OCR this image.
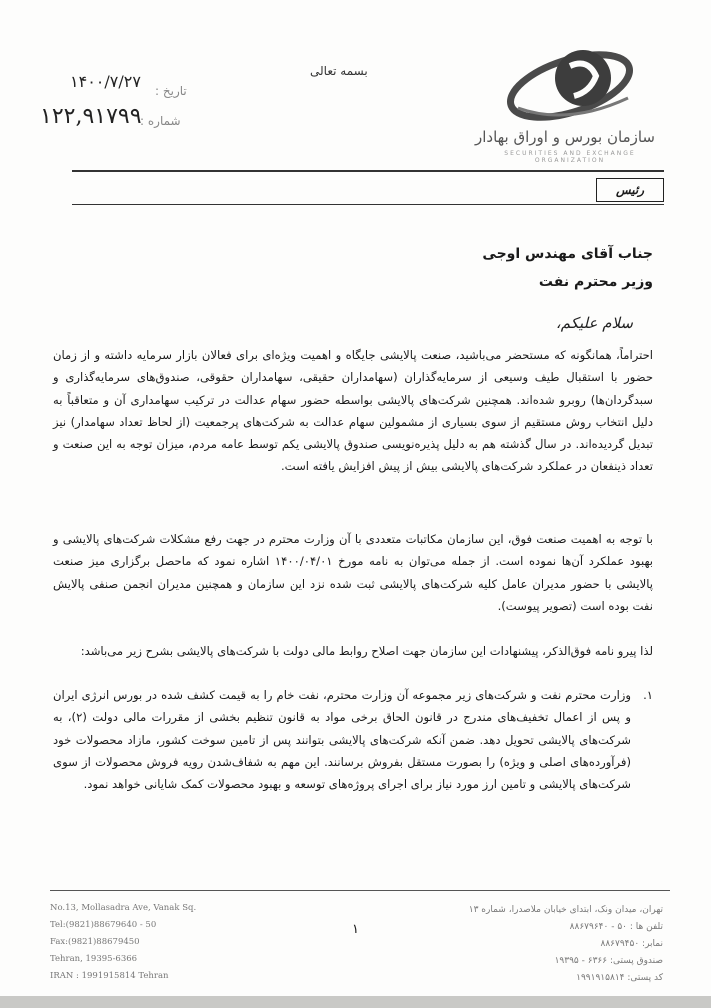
سازمان بورس و اوراق بهادار
SECURITIES AND EXCHANGE ORGANIZATION
بسمه تعالی
تاریخ :
۱۴۰۰/۷/۲۷
شماره :
۱۲۲,۹۱۷۹۹
رئیس
جناب آقای مهندس اوجی
وزیر محترم نفت
سلام علیکم،
احتراماً، همانگونه که مستحضر می‌باشید، صنعت پالایشی جایگاه و اهمیت ویژه‌ای برای فعالان بازار سرمایه داشته و از زمان حضور با استقبال طیف وسیعی از سرمایه‌گذاران (سهامداران حقیقی، سهامداران حقوقی، صندوق‌های سرمایه‌گذاری و سبدگردان‌ها) روبرو شده‌اند. همچنین شرکت‌های پالایشی بواسطه حضور سهام عدالت در ترکیب سهامداری آن و متعاقباً به دلیل انتخاب روش مستقیم از سوی بسیاری از مشمولین سهام عدالت به شرکت‌های پرجمعیت (از لحاظ تعداد سهامدار) نیز تبدیل گردیده‌اند. در سال گذشته هم به دلیل پذیره‌نویسی صندوق پالایشی یکم توسط عامه مردم، میزان توجه به این صنعت و تعداد ذینفعان در عملکرد شرکت‌های پالایشی بیش از پیش افزایش یافته است.
با توجه به اهمیت صنعت فوق، این سازمان مکاتبات متعددی با آن وزارت محترم در جهت رفع مشکلات شرکت‌های پالایشی و بهبود عملکرد آن‌ها نموده است. از جمله می‌توان به نامه مورخ ۱۴۰۰/۰۴/۰۱ اشاره نمود که ماحصل برگزاری میز صنعت پالایشی با حضور مدیران عامل کلیه شرکت‌های پالایشی ثبت شده نزد این سازمان و همچنین مدیران انجمن صنفی پالایش نفت بوده است (تصویر پیوست).
لذا پیرو نامه فوق‌الذکر، پیشنهادات این سازمان جهت اصلاح روابط مالی دولت با شرکت‌های پالایشی بشرح زیر می‌باشد:
۱.
وزارت محترم نفت و شرکت‌های زیر مجموعه آن وزارت محترم، نفت خام را به قیمت کشف شده در بورس انرژی ایران و پس از اعمال تخفیف‌های مندرج در قانون الحاق برخی مواد به قانون تنظیم بخشی از مقررات مالی دولت (۲)، به شرکت‌های پالایشی تحویل دهد. ضمن آنکه شرکت‌های پالایشی بتوانند پس از تامین سوخت کشور، مازاد محصولات خود (فرآورده‌های اصلی و ویژه) را بصورت مستقل بفروش برسانند. این مهم به شفاف‌شدن رویه فروش محصولات از سوی شرکت‌های پالایشی و تامین ارز مورد نیاز برای اجرای پروژه‌های توسعه و بهبود محصولات کمک شایانی خواهد نمود.
۱
No.13, Mollasadra Ave, Vanak Sq.
Tel:(9821)88679640 - 50
Fax:(9821)88679450
Tehran, 19395-6366
IRAN : 1991915814 Tehran
تهران، میدان ونک، ابتدای خیابان ملاصدرا، شماره ۱۳
تلفن ها : ۵۰ - ۸۸۶۷۹۶۴۰
نمابر: ۸۸۶۷۹۴۵۰
صندوق پستی: ۶۳۶۶ - ۱۹۳۹۵
کد پستی: ۱۹۹۱۹۱۵۸۱۴
